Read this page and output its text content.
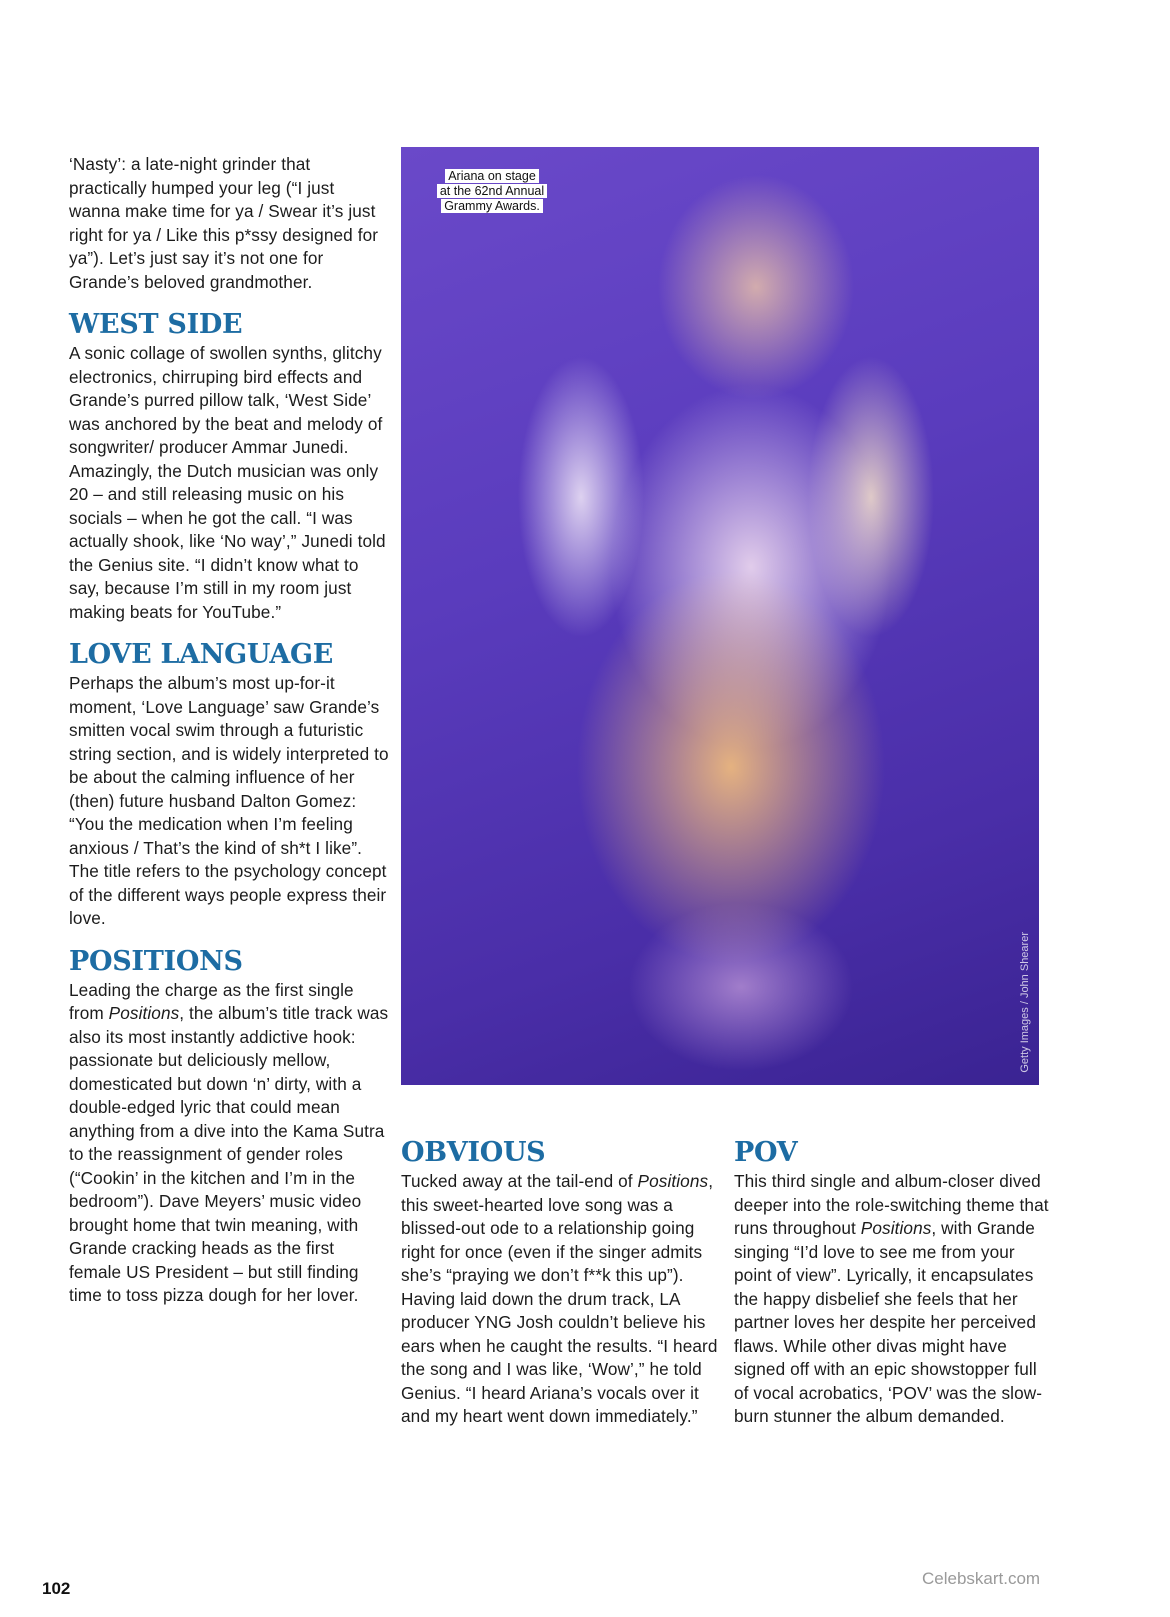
‘Nasty’: a late-night grinder that practically humped your leg (“I just wanna make time for ya / Swear it’s just right for ya / Like this p*ssy designed for ya”). Let’s just say it’s not one for Grande’s beloved grandmother.

WEST SIDE

A sonic collage of swollen synths, glitchy electronics, chirruping bird effects and Grande’s purred pillow talk, ‘West Side’ was anchored by the beat and melody of songwriter/ producer Ammar Junedi. Amazingly, the Dutch musician was only 20 – and still releasing music on his socials – when he got the call. “I was actually shook, like ‘No way’,” Junedi told the Genius site. “I didn’t know what to say, because I’m still in my room just making beats for YouTube.”

LOVE LANGUAGE

Perhaps the album’s most up-for-it moment, ‘Love Language’ saw Grande’s smitten vocal swim through a futuristic string section, and is widely interpreted to be about the calming influence of her (then) future husband Dalton Gomez: “You the medication when I’m feeling anxious / That’s the kind of sh*t I like”. The title refers to the psychology concept of the different ways people express their love.

POSITIONS

Leading the charge as the first single from Positions, the album’s title track was also its most instantly addictive hook: passionate but deliciously mellow, domesticated but down ‘n’ dirty, with a double-edged lyric that could mean anything from a dive into the Kama Sutra to the reassignment of gender roles (“Cookin’ in the kitchen and I’m in the bedroom”). Dave Meyers’ music video brought home that twin meaning, with Grande cracking heads as the first female US President – but still finding time to toss pizza dough for her lover.

Ariana on stage
at the 62nd Annual
Grammy Awards.
Getty Images / John Shearer
OBVIOUS

Tucked away at the tail-end of Positions, this sweet-hearted love song was a blissed-out ode to a relationship going right for once (even if the singer admits she’s “praying we don’t f**k this up”). Having laid down the drum track, LA producer YNG Josh couldn’t believe his ears when he caught the results. “I heard the song and I was like, ‘Wow’,” he told Genius. “I heard Ariana’s vocals over it and my heart went down immediately.”

POV

This third single and album-closer dived deeper into the role-switching theme that runs throughout Positions, with Grande singing “I’d love to see me from your point of view”. Lyrically, it encapsulates the happy disbelief she feels that her partner loves her despite her perceived flaws. While other divas might have signed off with an epic showstopper full of vocal acrobatics, ‘POV’ was the slow-burn stunner the album demanded.

102
Celebskart.com
